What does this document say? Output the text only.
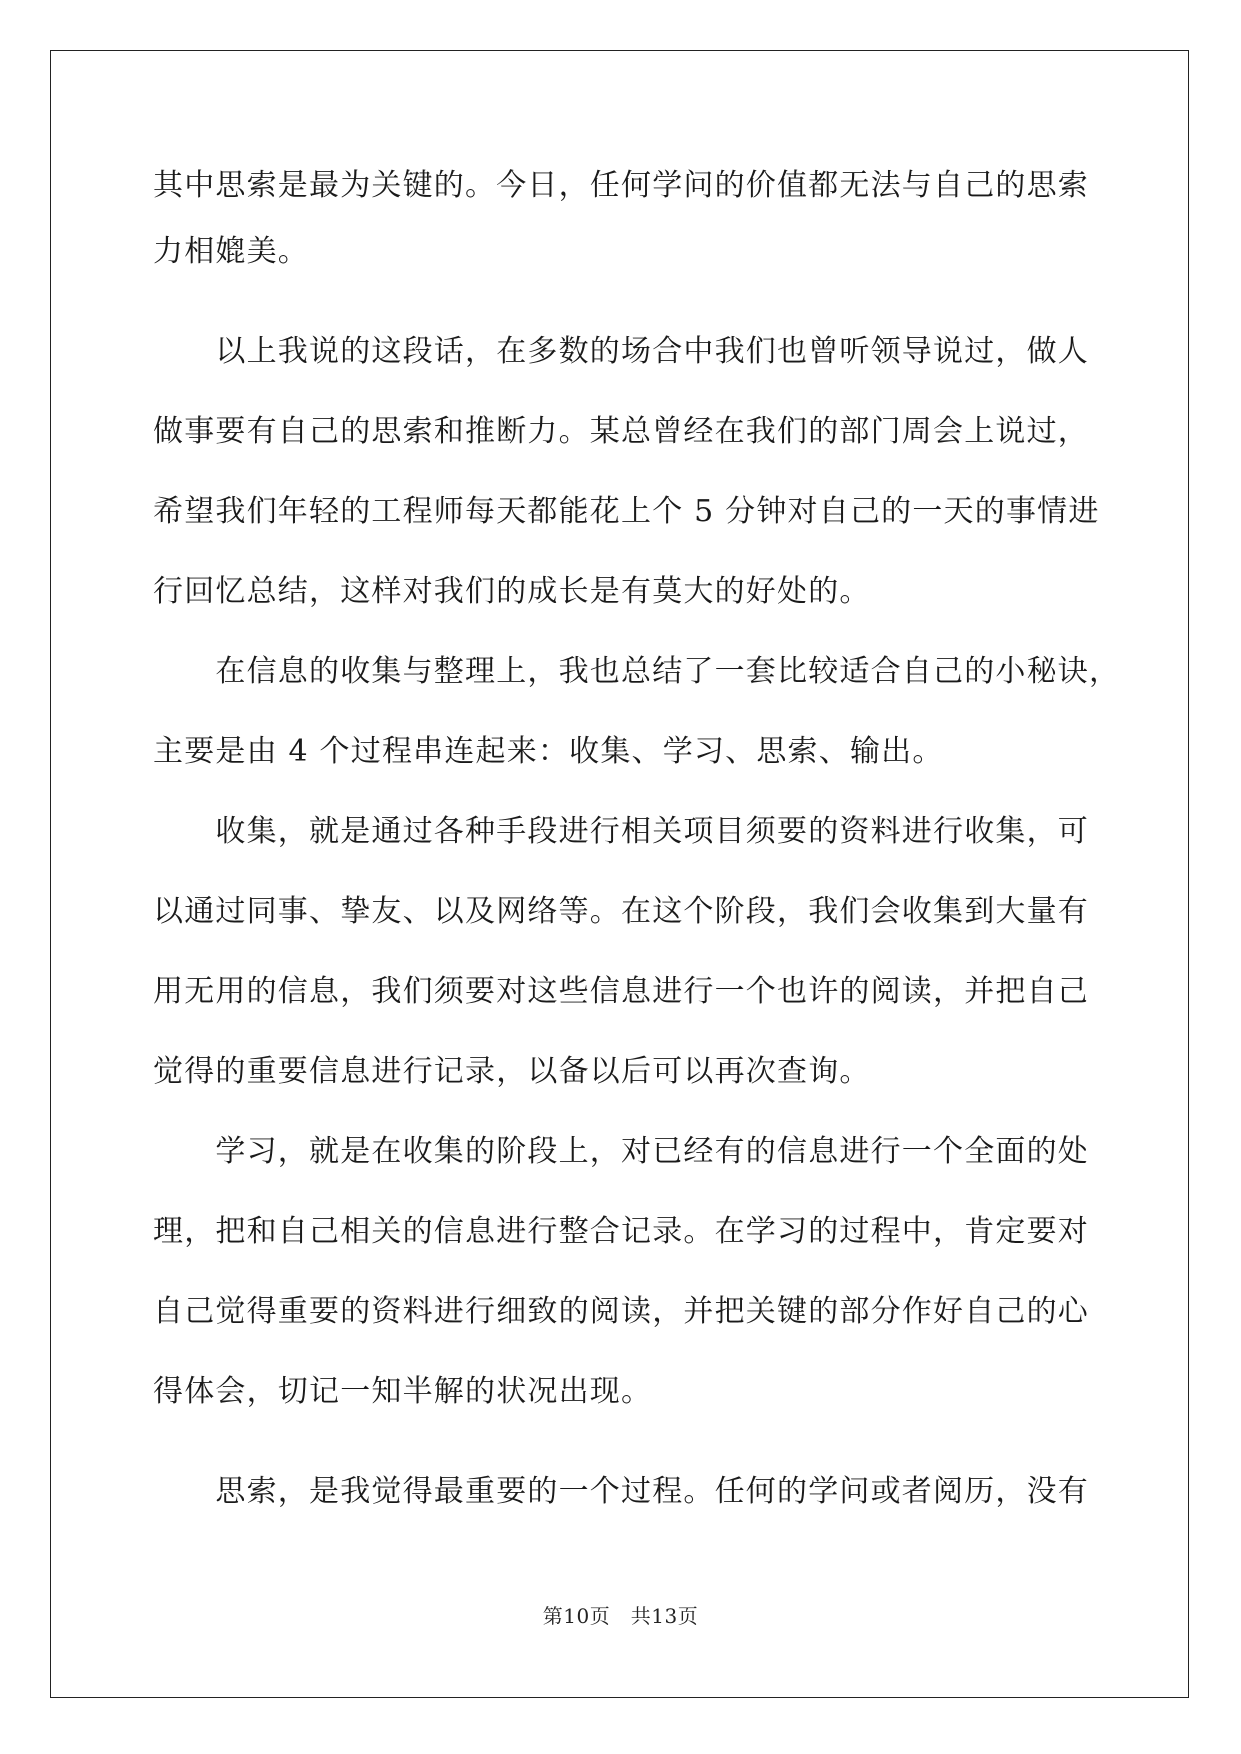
其中思索是最为关键的。今日，任何学问的价值都无法与自己的思索
力相媲美。
　　以上我说的这段话，在多数的场合中我们也曾听领导说过，做人
做事要有自己的思索和推断力。某总曾经在我们的部门周会上说过，
希望我们年轻的工程师每天都能花上个 5 分钟对自己的一天的事情进
行回忆总结，这样对我们的成长是有莫大的好处的。
　　在信息的收集与整理上，我也总结了一套比较适合自己的小秘诀，
主要是由 4 个过程串连起来：收集、学习、思索、输出。
　　收集，就是通过各种手段进行相关项目须要的资料进行收集，可
以通过同事、挚友、以及网络等。在这个阶段，我们会收集到大量有
用无用的信息，我们须要对这些信息进行一个也许的阅读，并把自己
觉得的重要信息进行记录，以备以后可以再次查询。
　　学习，就是在收集的阶段上，对已经有的信息进行一个全面的处
理，把和自己相关的信息进行整合记录。在学习的过程中，肯定要对
自己觉得重要的资料进行细致的阅读，并把关键的部分作好自己的心
得体会，切记一知半解的状况出现。
　　思索，是我觉得最重要的一个过程。任何的学问或者阅历，没有
第10页　共13页
